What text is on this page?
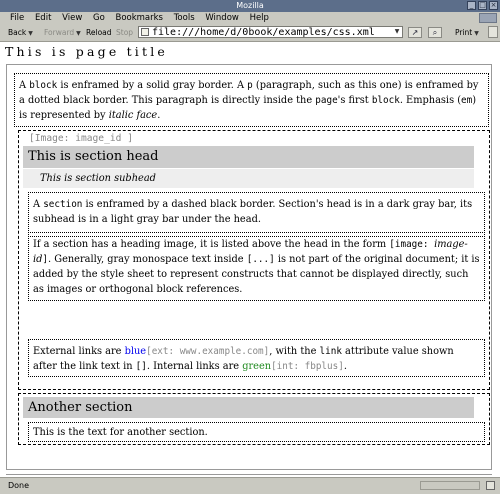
Mozilla	_ □ ×
File Edit View Go Bookmarks Tools Window Help
Back ▼ Forward ▼ Reload Stop
file:///home/d/0book/examples/css.xml	▼	↗	⌕	Print ▼
This is page title
A block is enframed by a solid gray border. A p (paragraph, such as this one) is enframed by a dotted black border. This paragraph is directly inside the page's first block. Emphasis (em) is represented by italic face.
[Image: image_id ]
This is section head
This is section subhead
A section is enframed by a dashed black border. Section's head is in a dark gray bar, its subhead is in a light gray bar under the head.
If a section has a heading image, it is listed above the head in the form [image: image-id]. Generally, gray monospace text inside [...] is not part of the original document; it is added by the style sheet to represent constructs that cannot be displayed directly, such as images or orthogonal block references.
External links are blue[ext: www.example.com], with the link attribute value shown after the link text in []. Internal links are green[int: fbplus].
Another section
This is the text for another section.
Done
